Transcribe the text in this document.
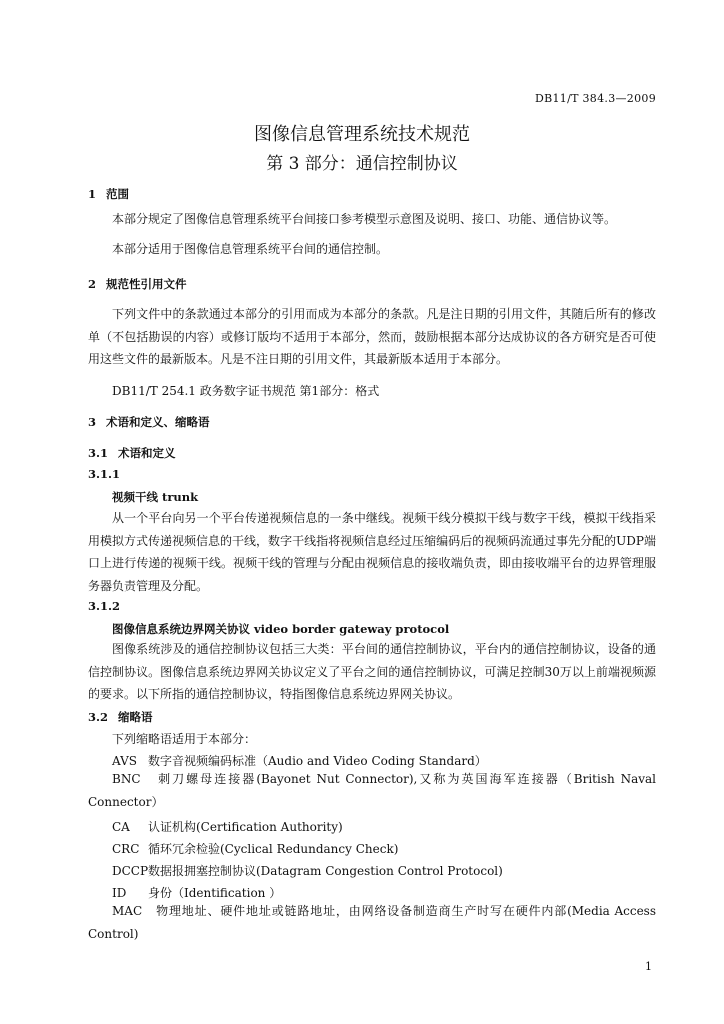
DB11/T 384.3—2009
图像信息管理系统技术规范
第 3 部分：通信控制协议
1 范围
本部分规定了图像信息管理系统平台间接口参考模型示意图及说明、接口、功能、通信协议等。
本部分适用于图像信息管理系统平台间的通信控制。
2 规范性引用文件
下列文件中的条款通过本部分的引用而成为本部分的条款。凡是注日期的引用文件，其随后所有的修改单（不包括勘误的内容）或修订版均不适用于本部分，然而，鼓励根据本部分达成协议的各方研究是否可使用这些文件的最新版本。凡是不注日期的引用文件，其最新版本适用于本部分。
DB11/T 254.1 政务数字证书规范 第1部分：格式
3 术语和定义、缩略语
3.1 术语和定义
3.1.1
视频干线 trunk
从一个平台向另一个平台传递视频信息的一条中继线。视频干线分模拟干线与数字干线，模拟干线指采用模拟方式传递视频信息的干线，数字干线指将视频信息经过压缩编码后的视频码流通过事先分配的UDP端口上进行传递的视频干线。视频干线的管理与分配由视频信息的接收端负责，即由接收端平台的边界管理服务器负责管理及分配。
3.1.2
图像信息系统边界网关协议 video border gateway protocol
图像系统涉及的通信控制协议包括三大类：平台间的通信控制协议，平台内的通信控制协议，设备的通信控制协议。图像信息系统边界网关协议定义了平台之间的通信控制协议，可满足控制30万以上前端视频源的要求。以下所指的通信控制协议，特指图像信息系统边界网关协议。
3.2 缩略语
下列缩略语适用于本部分：
AVS 数字音视频编码标准（Audio and Video Coding Standard）
BNC 刺刀螺母连接器(Bayonet Nut Connector),又称为英国海军连接器（British Naval Connector）
CA 认证机构(Certification Authority)
CRC 循环冗余检验(Cyclical Redundancy Check)
DCCP数据报拥塞控制协议(Datagram Congestion Control Protocol)
ID 身份（Identification ）
MAC 物理地址、硬件地址或链路地址，由网络设备制造商生产时写在硬件内部(Media Access Control)
1
